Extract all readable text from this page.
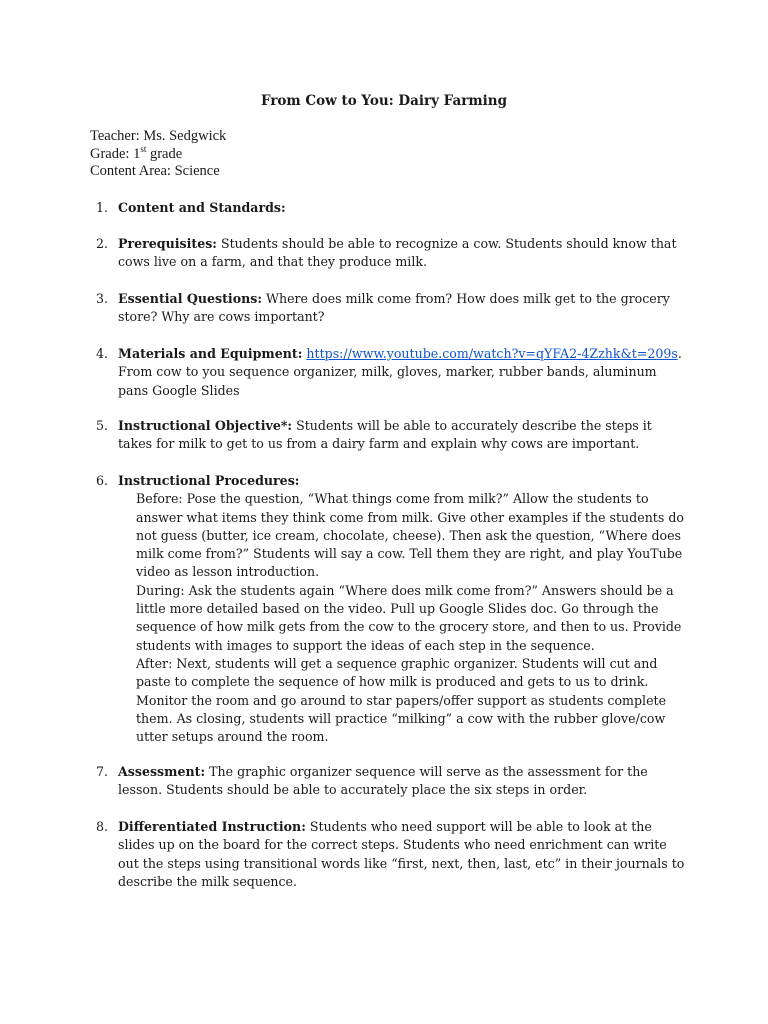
From Cow to You: Dairy Farming
Teacher: Ms. Sedgwick
Grade: 1st grade
Content Area: Science
1. Content and Standards:
2. Prerequisites: Students should be able to recognize a cow. Students should know that cows live on a farm, and that they produce milk.
3. Essential Questions: Where does milk come from? How does milk get to the grocery store? Why are cows important?
4. Materials and Equipment: https://www.youtube.com/watch?v=qYFA2-4Zzhk&t=209s. From cow to you sequence organizer, milk, gloves, marker, rubber bands, aluminum pans Google Slides
5. Instructional Objective*: Students will be able to accurately describe the steps it takes for milk to get to us from a dairy farm and explain why cows are important.
6. Instructional Procedures:
Before: Pose the question, “What things come from milk?” Allow the students to answer what items they think come from milk. Give other examples if the students do not guess (butter, ice cream, chocolate, cheese). Then ask the question, “Where does milk come from?” Students will say a cow. Tell them they are right, and play YouTube video as lesson introduction.
During: Ask the students again “Where does milk come from?” Answers should be a little more detailed based on the video. Pull up Google Slides doc. Go through the sequence of how milk gets from the cow to the grocery store, and then to us. Provide students with images to support the ideas of each step in the sequence.
After: Next, students will get a sequence graphic organizer. Students will cut and paste to complete the sequence of how milk is produced and gets to us to drink. Monitor the room and go around to star papers/offer support as students complete them. As closing, students will practice “milking” a cow with the rubber glove/cow utter setups around the room.
7. Assessment: The graphic organizer sequence will serve as the assessment for the lesson. Students should be able to accurately place the six steps in order.
8. Differentiated Instruction: Students who need support will be able to look at the slides up on the board for the correct steps. Students who need enrichment can write out the steps using transitional words like “first, next, then, last, etc” in their journals to describe the milk sequence.
